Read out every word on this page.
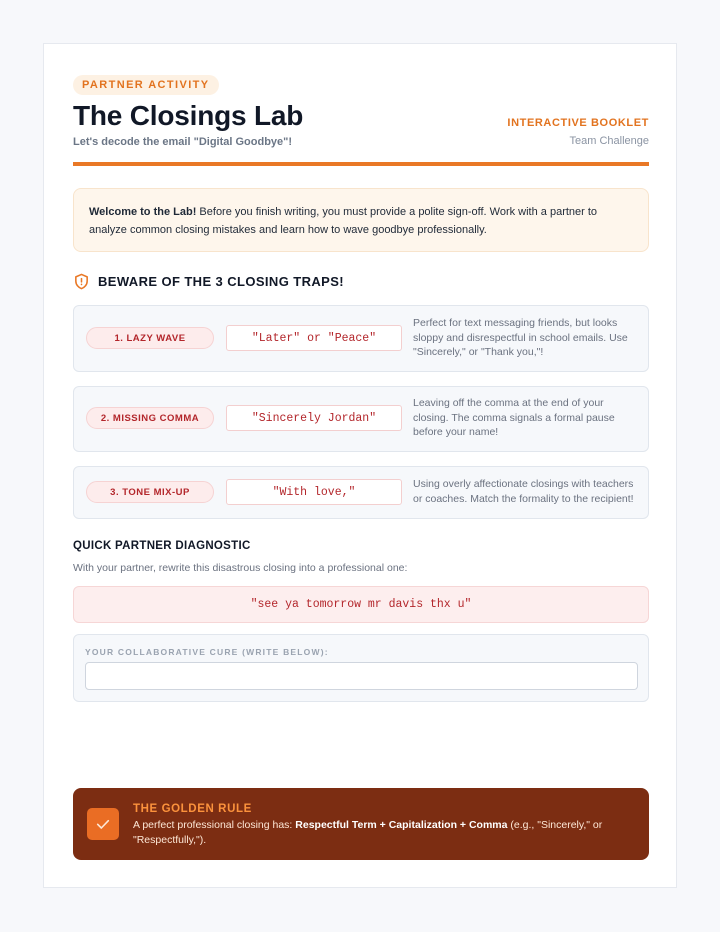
PARTNER ACTIVITY
The Closings Lab
Let's decode the email "Digital Goodbye"!
INTERACTIVE BOOKLET
Team Challenge
Welcome to the Lab! Before you finish writing, you must provide a polite sign-off. Work with a partner to analyze common closing mistakes and learn how to wave goodbye professionally.
BEWARE OF THE 3 CLOSING TRAPS!
1. LAZY WAVE	"Later" or "Peace"
Perfect for text messaging friends, but looks sloppy and disrespectful in school emails. Use "Sincerely," or "Thank you,"!
2. MISSING COMMA	"Sincerely Jordan"
Leaving off the comma at the end of your closing. The comma signals a formal pause before your name!
3. TONE MIX-UP	"With love,"
Using overly affectionate closings with teachers or coaches. Match the formality to the recipient!
QUICK PARTNER DIAGNOSTIC
With your partner, rewrite this disastrous closing into a professional one:
"see ya tomorrow mr davis thx u"
YOUR COLLABORATIVE CURE (WRITE BELOW):
THE GOLDEN RULE
A perfect professional closing has: Respectful Term + Capitalization + Comma (e.g., "Sincerely," or "Respectfully,").
